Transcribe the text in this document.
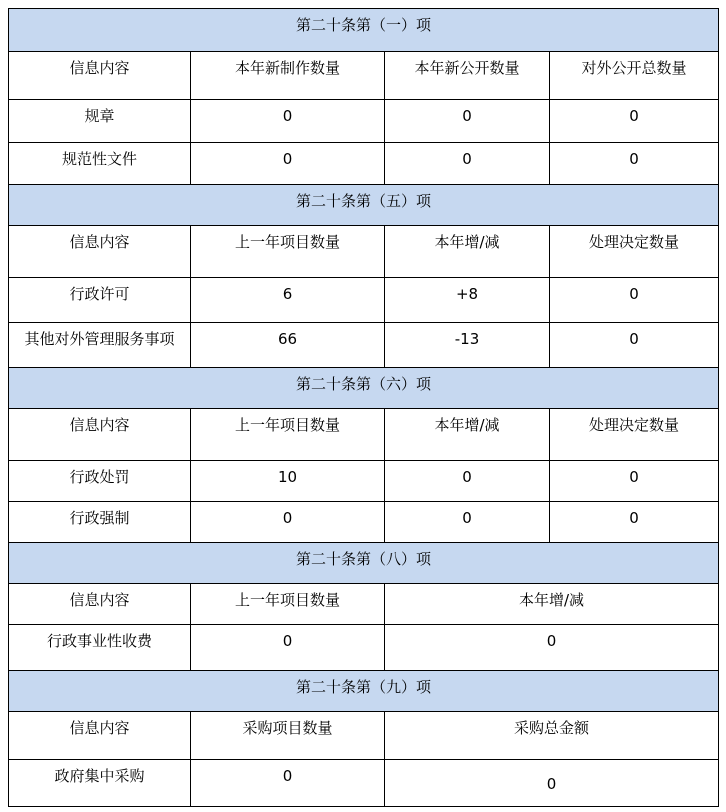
第二十条第（一）项			
信息内容	本年新制作数量	本年新公开数量	对外公开总数量
规章	0	0	0
规范性文件	0	0	0
第二十条第（五）项			
信息内容	上一年项目数量	本年增/减	处理决定数量
行政许可	6	+8	0
其他对外管理服务事项	66	-13	0
第二十条第（六）项			
信息内容	上一年项目数量	本年增/减	处理决定数量
行政处罚	10	0	0
行政强制	0	0	0
第二十条第（八）项			
信息内容	上一年项目数量	本年增/减	
行政事业性收费	0	0	
第二十条第（九）项			
信息内容	采购项目数量	采购总金额	
政府集中采购	0	0	
